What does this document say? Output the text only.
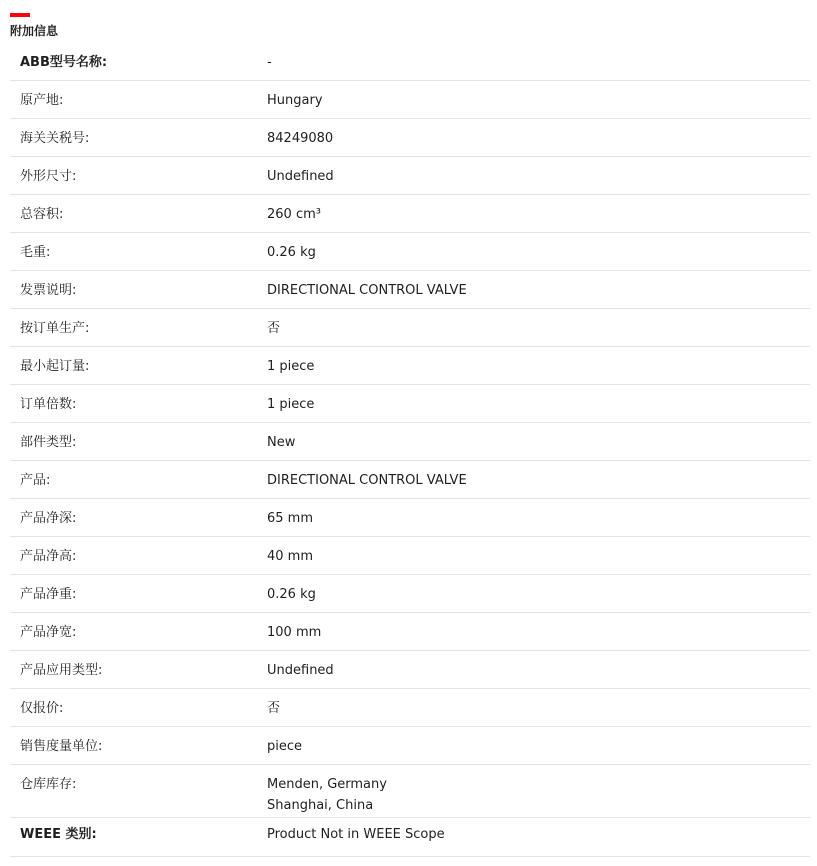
附加信息
ABB型号名称:	-
原产地:	Hungary
海关关税号:	84249080
外形尺寸:	Undefined
总容积:	260 cm³
毛重:	0.26 kg
发票说明:	DIRECTIONAL CONTROL VALVE
按订单生产:	否
最小起订量:	1 piece
订单倍数:	1 piece
部件类型:	New
产品:	DIRECTIONAL CONTROL VALVE
产品净深:	65 mm
产品净高:	40 mm
产品净重:	0.26 kg
产品净宽:	100 mm
产品应用类型:	Undefined
仅报价:	否
销售度量单位:	piece
仓库库存:	Menden, Germany
Shanghai, China
WEEE 类别:	Product Not in WEEE Scope
